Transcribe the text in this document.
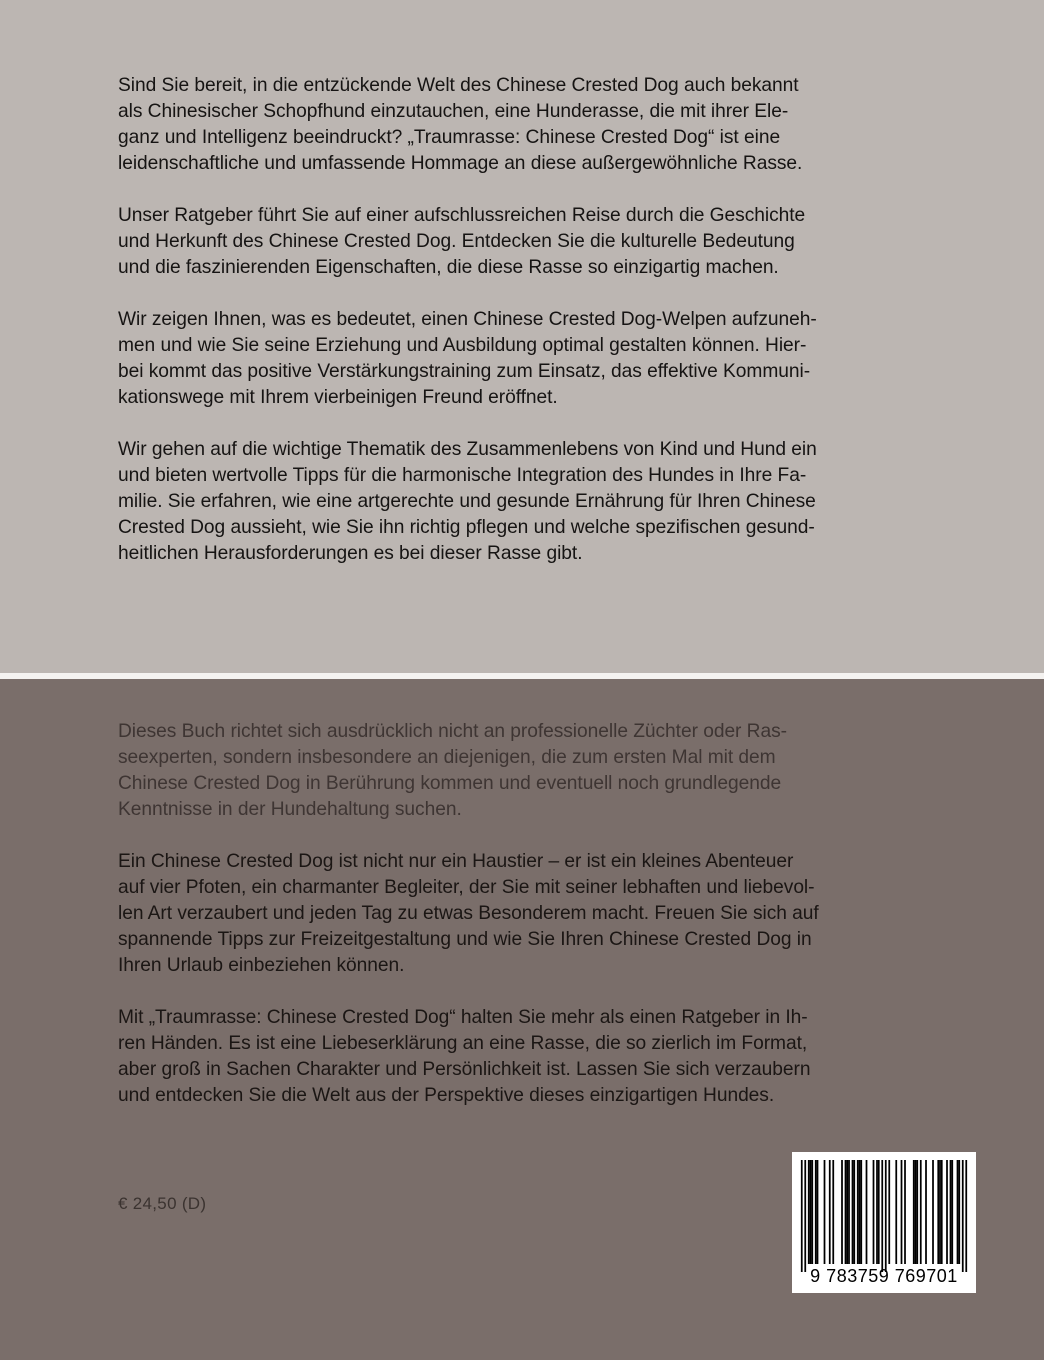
Sind Sie bereit, in die entzückende Welt des Chinese Crested Dog auch bekannt
als Chinesischer Schopfhund einzutauchen, eine Hunderasse, die mit ihrer Ele-
ganz und Intelligenz beeindruckt? „Traumrasse: Chinese Crested Dog“ ist eine
leidenschaftliche und umfassende Hommage an diese außergewöhnliche Rasse.

Unser Ratgeber führt Sie auf einer aufschlussreichen Reise durch die Geschichte
und Herkunft des Chinese Crested Dog. Entdecken Sie die kulturelle Bedeutung
und die faszinierenden Eigenschaften, die diese Rasse so einzigartig machen.

Wir zeigen Ihnen, was es bedeutet, einen Chinese Crested Dog-Welpen aufzuneh-
men und wie Sie seine Erziehung und Ausbildung optimal gestalten können. Hier-
bei kommt das positive Verstärkungstraining zum Einsatz, das effektive Kommuni-
kationswege mit Ihrem vierbeinigen Freund eröffnet.

Wir gehen auf die wichtige Thematik des Zusammenlebens von Kind und Hund ein
und bieten wertvolle Tipps für die harmonische Integration des Hundes in Ihre Fa-
milie. Sie erfahren, wie eine artgerechte und gesunde Ernährung für Ihren Chinese
Crested Dog aussieht, wie Sie ihn richtig pflegen und welche spezifischen gesund-
heitlichen Herausforderungen es bei dieser Rasse gibt.

Dieses Buch richtet sich ausdrücklich nicht an professionelle Züchter oder Ras-
seexperten, sondern insbesondere an diejenigen, die zum ersten Mal mit dem
Chinese Crested Dog in Berührung kommen und eventuell noch grundlegende
Kenntnisse in der Hundehaltung suchen.

Ein Chinese Crested Dog ist nicht nur ein Haustier – er ist ein kleines Abenteuer
auf vier Pfoten, ein charmanter Begleiter, der Sie mit seiner lebhaften und liebevol-
len Art verzaubert und jeden Tag zu etwas Besonderem macht. Freuen Sie sich auf
spannende Tipps zur Freizeitgestaltung und wie Sie Ihren Chinese Crested Dog in
Ihren Urlaub einbeziehen können.

Mit „Traumrasse: Chinese Crested Dog“ halten Sie mehr als einen Ratgeber in Ih-
ren Händen. Es ist eine Liebeserklärung an eine Rasse, die so zierlich im Format,
aber groß in Sachen Charakter und Persönlichkeit ist. Lassen Sie sich verzaubern
und entdecken Sie die Welt aus der Perspektive dieses einzigartigen Hundes.

€ 24,50 (D)
9 783759 769701
